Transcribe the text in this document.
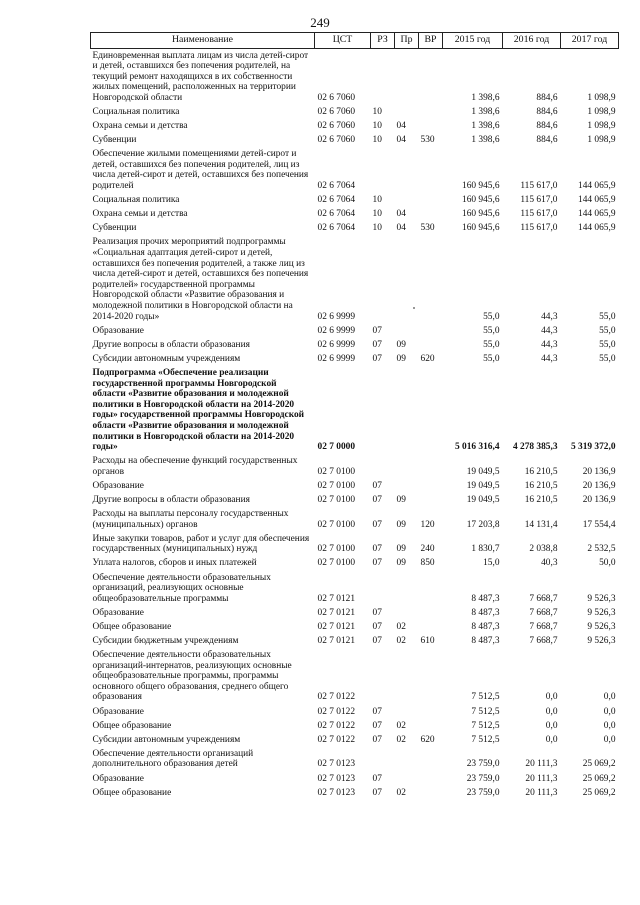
249
Наименование	ЦСТ	РЗ	Пр	ВР	2015 год	2016 год	2017 год
Единовременная выплата лицам из числа детей-сирот и детей, оставшихся без попечения родителей, на текущий ремонт находящихся в их собственности жилых помещений, расположенных на территории Новгородской области	02 6 7060				1 398,6	884,6	1 098,9
Социальная политика	02 6 7060	10			1 398,6	884,6	1 098,9
Охрана семьи и детства	02 6 7060	10	04		1 398,6	884,6	1 098,9
Субвенции	02 6 7060	10	04	530	1 398,6	884,6	1 098,9
Обеспечение жилыми помещениями детей-сирот и детей, оставшихся без попечения родителей, лиц из числа детей-сирот и детей, оставшихся без попечения родителей	02 6 7064				160 945,6	115 617,0	144 065,9
Социальная политика	02 6 7064	10			160 945,6	115 617,0	144 065,9
Охрана семьи и детства	02 6 7064	10	04		160 945,6	115 617,0	144 065,9
Субвенции	02 6 7064	10	04	530	160 945,6	115 617,0	144 065,9
Реализация прочих мероприятий подпрограммы «Социальная адаптация детей-сирот и детей, оставшихся без попечения родителей, а также лиц из числа детей-сирот и детей, оставшихся без попечения родителей» государственной программы Новгородской области «Развитие образования и молодежной политики в Новгородской области на 2014-2020 годы»	02 6 9999				55,0	44,3	55,0
Образование	02 6 9999	07			55,0	44,3	55,0
Другие вопросы в области образования	02 6 9999	07	09		55,0	44,3	55,0
Субсидии автономным учреждениям	02 6 9999	07	09	620	55,0	44,3	55,0
Подпрограмма «Обеспечение реализации государственной программы Новгородской области «Развитие образования и молодежной политики в Новгородской области на 2014-2020 годы» государственной программы Новгородской области «Развитие образования и молодежной политики в Новгородской области на 2014-2020 годы»	02 7 0000				5 016 316,4	4 278 385,3	5 319 372,0
Расходы на обеспечение функций государственных органов	02 7 0100				19 049,5	16 210,5	20 136,9
Образование	02 7 0100	07			19 049,5	16 210,5	20 136,9
Другие вопросы в области образования	02 7 0100	07	09		19 049,5	16 210,5	20 136,9
Расходы на выплаты персоналу государственных (муниципальных) органов	02 7 0100	07	09	120	17 203,8	14 131,4	17 554,4
Иные закупки товаров, работ и услуг для обеспечения государственных (муниципальных) нужд	02 7 0100	07	09	240	1 830,7	2 038,8	2 532,5
Уплата налогов, сборов и иных платежей	02 7 0100	07	09	850	15,0	40,3	50,0
Обеспечение деятельности образовательных организаций, реализующих основные общеобразовательные программы	02 7 0121				8 487,3	7 668,7	9 526,3
Образование	02 7 0121	07			8 487,3	7 668,7	9 526,3
Общее образование	02 7 0121	07	02		8 487,3	7 668,7	9 526,3
Субсидии бюджетным учреждениям	02 7 0121	07	02	610	8 487,3	7 668,7	9 526,3
Обеспечение деятельности образовательных организаций-интернатов, реализующих основные общеобразовательные программы, программы основного общего образования, среднего общего образования	02 7 0122				7 512,5	0,0	0,0
Образование	02 7 0122	07			7 512,5	0,0	0,0
Общее образование	02 7 0122	07	02		7 512,5	0,0	0,0
Субсидии автономным учреждениям	02 7 0122	07	02	620	7 512,5	0,0	0,0
Обеспечение деятельности организаций дополнительного образования детей	02 7 0123				23 759,0	20 111,3	25 069,2
Образование	02 7 0123	07			23 759,0	20 111,3	25 069,2
Общее образование	02 7 0123	07	02		23 759,0	20 111,3	25 069,2
